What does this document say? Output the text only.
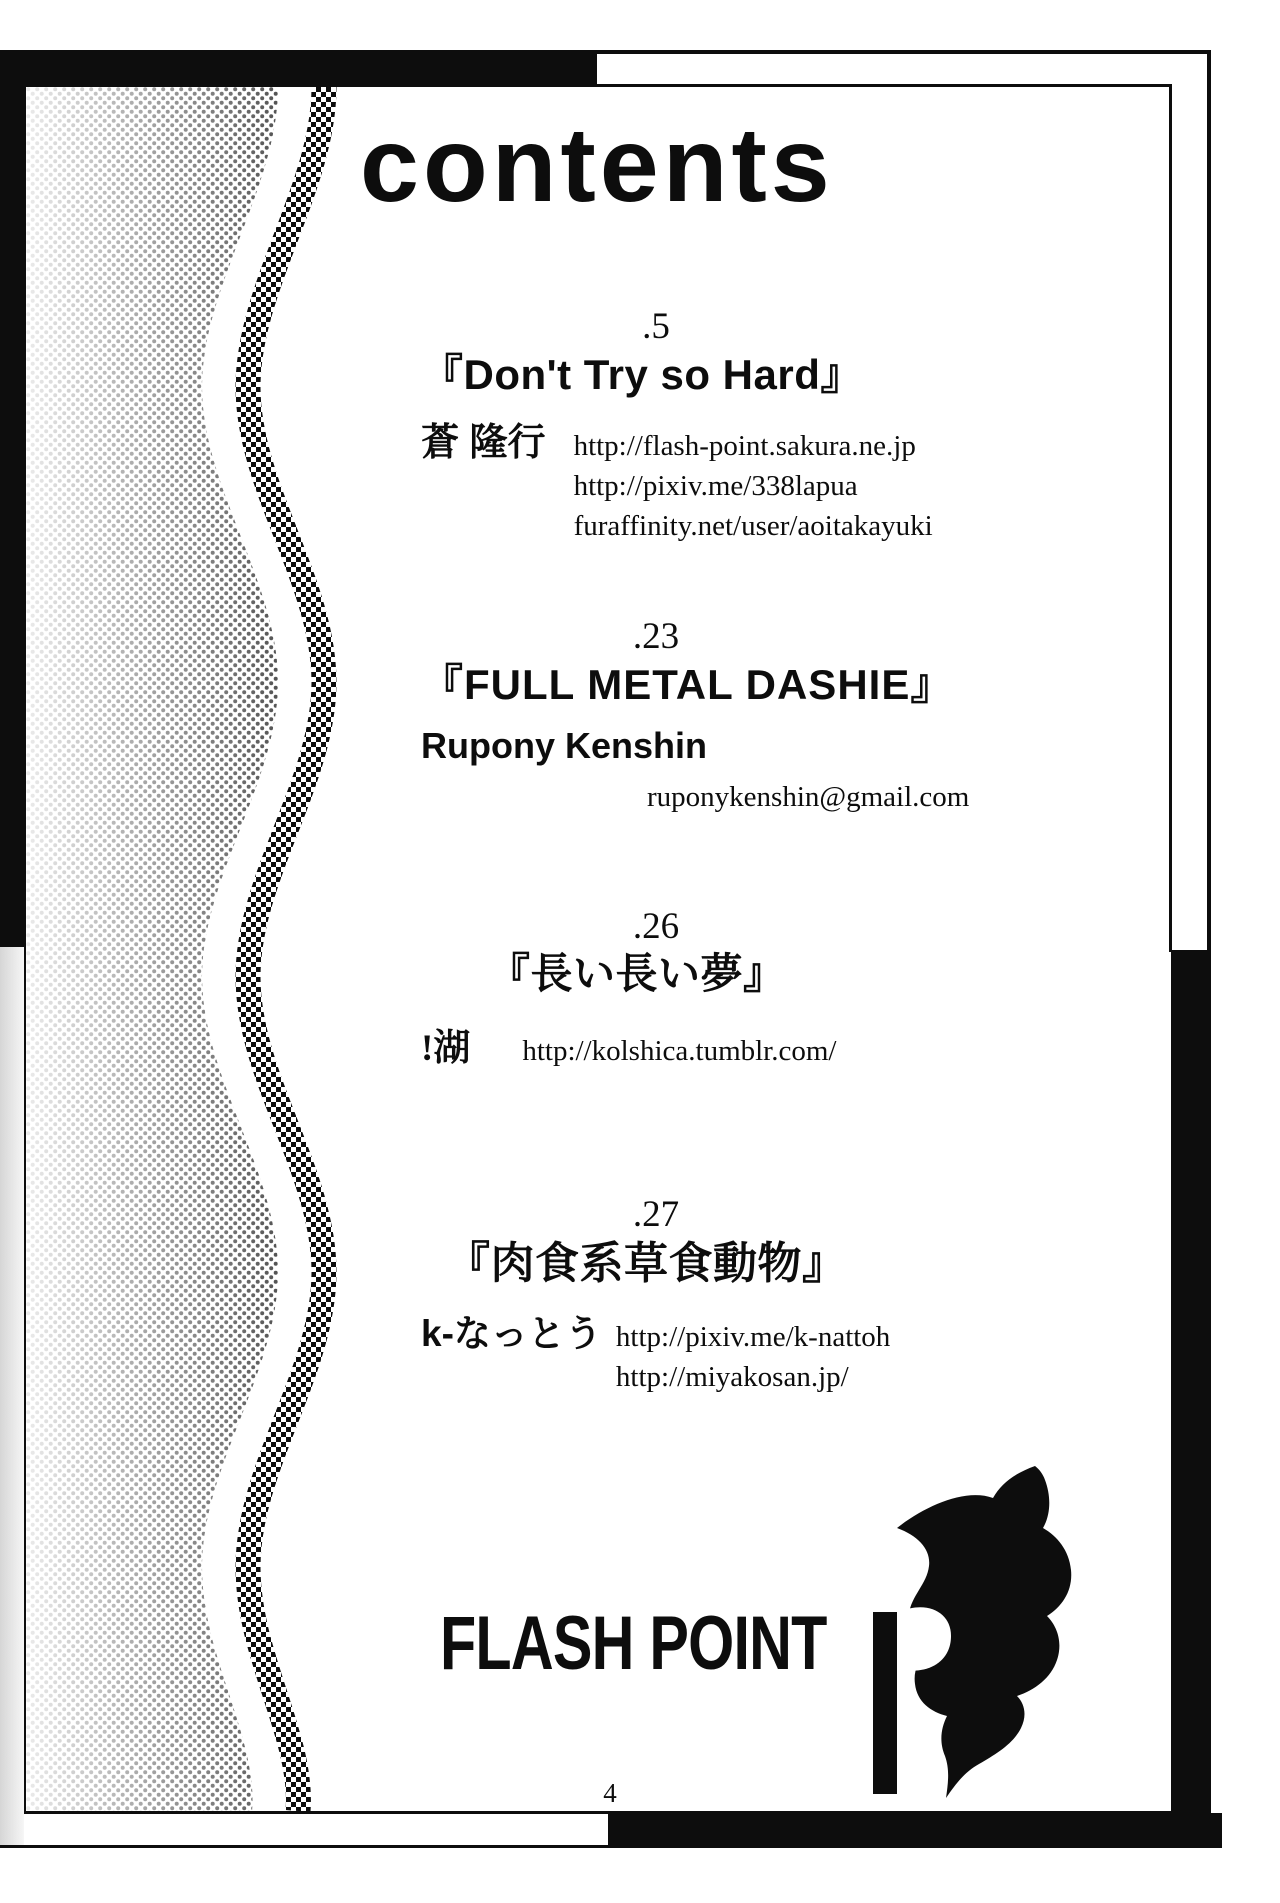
contents
.5
『Don't Try so Hard』
蒼 隆行 http://flash-point.sakura.ne.jp
http://pixiv.me/338lapua
furaffinity.net/user/aoitakayuki
.23
『FULL METAL DASHIE』
Rupony Kenshin
ruponykenshin@gmail.com
.26
『長い長い夢』
!湖 http://kolshica.tumblr.com/
.27
『肉食系草食動物』
k-なっとう http://pixiv.me/k-nattoh
http://miyakosan.jp/
FLASH POINT
4
